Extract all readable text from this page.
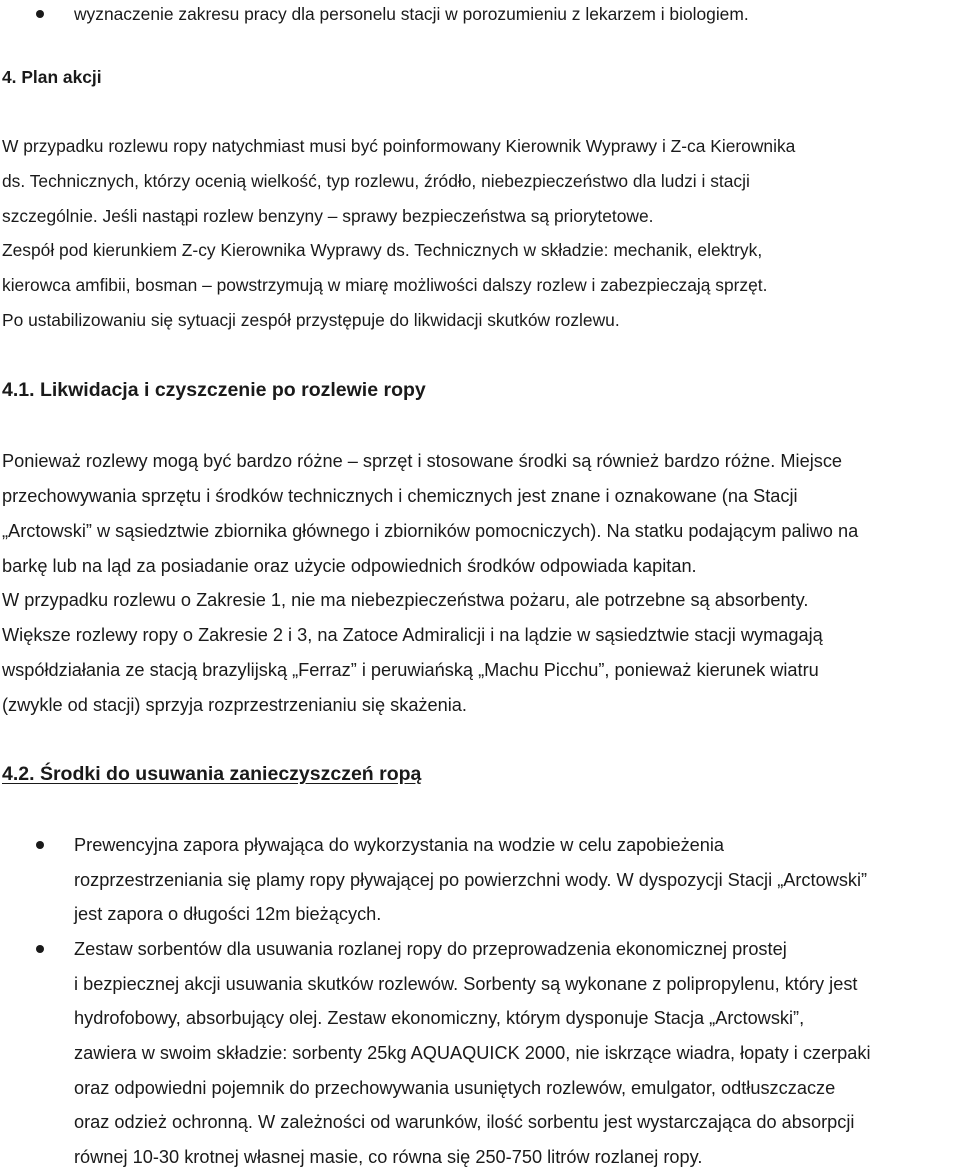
wyznaczenie zakresu pracy dla personelu stacji w porozumieniu z lekarzem i biologiem.
4. Plan akcji
W przypadku rozlewu ropy natychmiast musi być poinformowany Kierownik Wyprawy i Z-ca Kierownika
ds. Technicznych, którzy ocenią wielkość, typ rozlewu, źródło, niebezpieczeństwo dla ludzi i stacji
szczególnie. Jeśli nastąpi rozlew benzyny – sprawy bezpieczeństwa są priorytetowe.
Zespół pod kierunkiem Z-cy Kierownika Wyprawy ds. Technicznych w składzie: mechanik, elektryk,
kierowca amfibii, bosman – powstrzymują w miarę możliwości dalszy rozlew i zabezpieczają sprzęt.
Po ustabilizowaniu się sytuacji zespół przystępuje do likwidacji skutków rozlewu.
4.1. Likwidacja i czyszczenie po rozlewie ropy
Ponieważ rozlewy mogą być bardzo różne – sprzęt i stosowane środki są również bardzo różne. Miejsce
przechowywania sprzętu i środków technicznych i chemicznych jest znane i oznakowane (na Stacji
„Arctowski” w sąsiedztwie zbiornika głównego i zbiorników pomocniczych). Na statku podającym paliwo na
barkę lub na ląd za posiadanie oraz użycie odpowiednich środków odpowiada kapitan.
W przypadku rozlewu o Zakresie 1, nie ma niebezpieczeństwa pożaru, ale potrzebne są absorbenty.
Większe rozlewy ropy o Zakresie 2 i 3, na Zatoce Admiralicji i na lądzie w sąsiedztwie stacji wymagają
współdziałania ze stacją brazylijską „Ferraz” i peruwiańską „Machu Picchu”, ponieważ kierunek wiatru
(zwykle od stacji) sprzyja rozprzestrzenianiu się skażenia.
4.2. Środki do usuwania zanieczyszczeń ropą
Prewencyjna zapora pływająca do wykorzystania na wodzie w celu zapobieżenia
rozprzestrzeniania się plamy ropy pływającej po powierzchni wody. W dyspozycji Stacji „Arctowski”
jest zapora o długości 12m bieżących.
Zestaw sorbentów dla usuwania rozlanej ropy do przeprowadzenia ekonomicznej prostej
i bezpiecznej akcji usuwania skutków rozlewów. Sorbenty są wykonane z polipropylenu, który jest
hydrofobowy, absorbujący olej. Zestaw ekonomiczny, którym dysponuje Stacja „Arctowski”,
zawiera w swoim składzie: sorbenty 25kg AQUAQUICK 2000, nie iskrzące wiadra, łopaty i czerpaki
oraz odpowiedni pojemnik do przechowywania usuniętych rozlewów, emulgator, odtłuszczacze
oraz odzież ochronną. W zależności od warunków, ilość sorbentu jest wystarczająca do absorpcji
równej 10-30 krotnej własnej masie, co równa się 250-750 litrów rozlanej ropy.
